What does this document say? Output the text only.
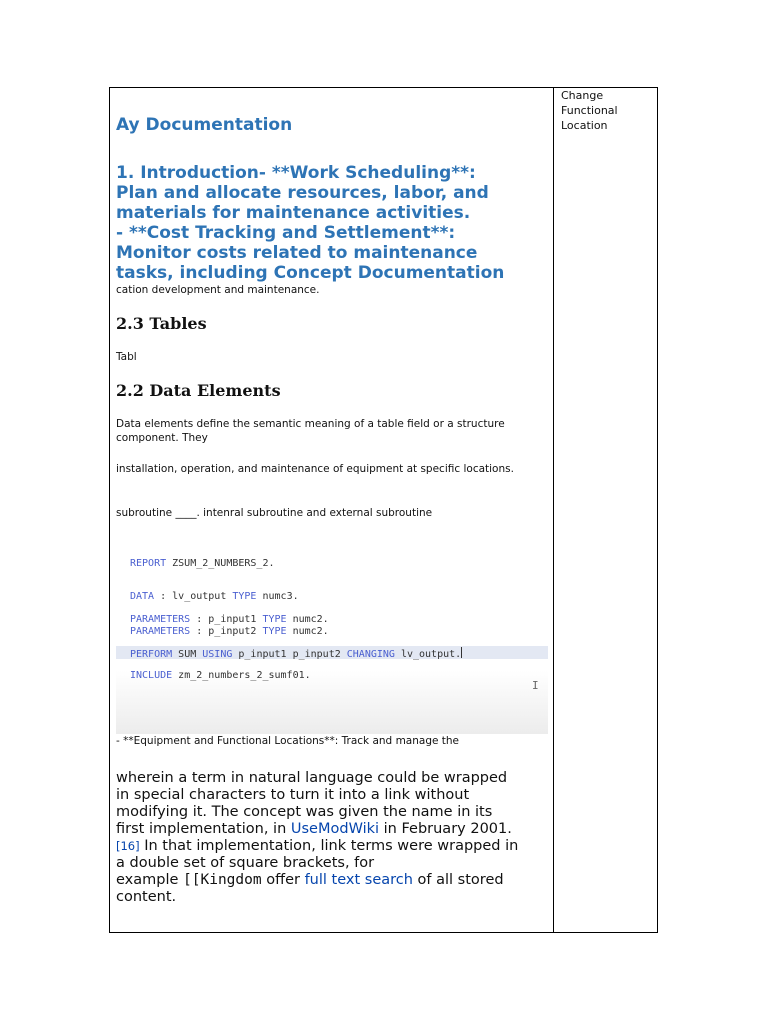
Change Functional Location

Ay Documentation

1. Introduction- **Work Scheduling**:

Plan and allocate resources, labor, and

materials for maintenance activities.

- **Cost Tracking and Settlement**:

Monitor costs related to maintenance

tasks, including Concept Documentation

cation development and maintenance.

2.3 Tables

Tabl

2.2 Data Elements

Data elements define the semantic meaning of a table field or a structure

component. They

installation, operation, and maintenance of equipment at specific locations.

subroutine ____. intenral subroutine and external subroutine

REPORT ZSUM_2_NUMBERS_2.
DATA : lv_output TYPE numc3.
PARAMETERS : p_input1 TYPE numc2.
PARAMETERS : p_input2 TYPE numc2.
PERFORM SUM USING p_input1 p_input2 CHANGING lv_output.
INCLUDE zm_2_numbers_2_sumf01.
I

- **Equipment and Functional Locations**: Track and manage the

wherein a term in natural language could be wrapped

in special characters to turn it into a link without

modifying it. The concept was given the name in its

first implementation, in UseModWiki in February 2001.

[16] In that implementation, link terms were wrapped in

a double set of square brackets, for

example [[Kingdom offer full text search of all stored

content.
